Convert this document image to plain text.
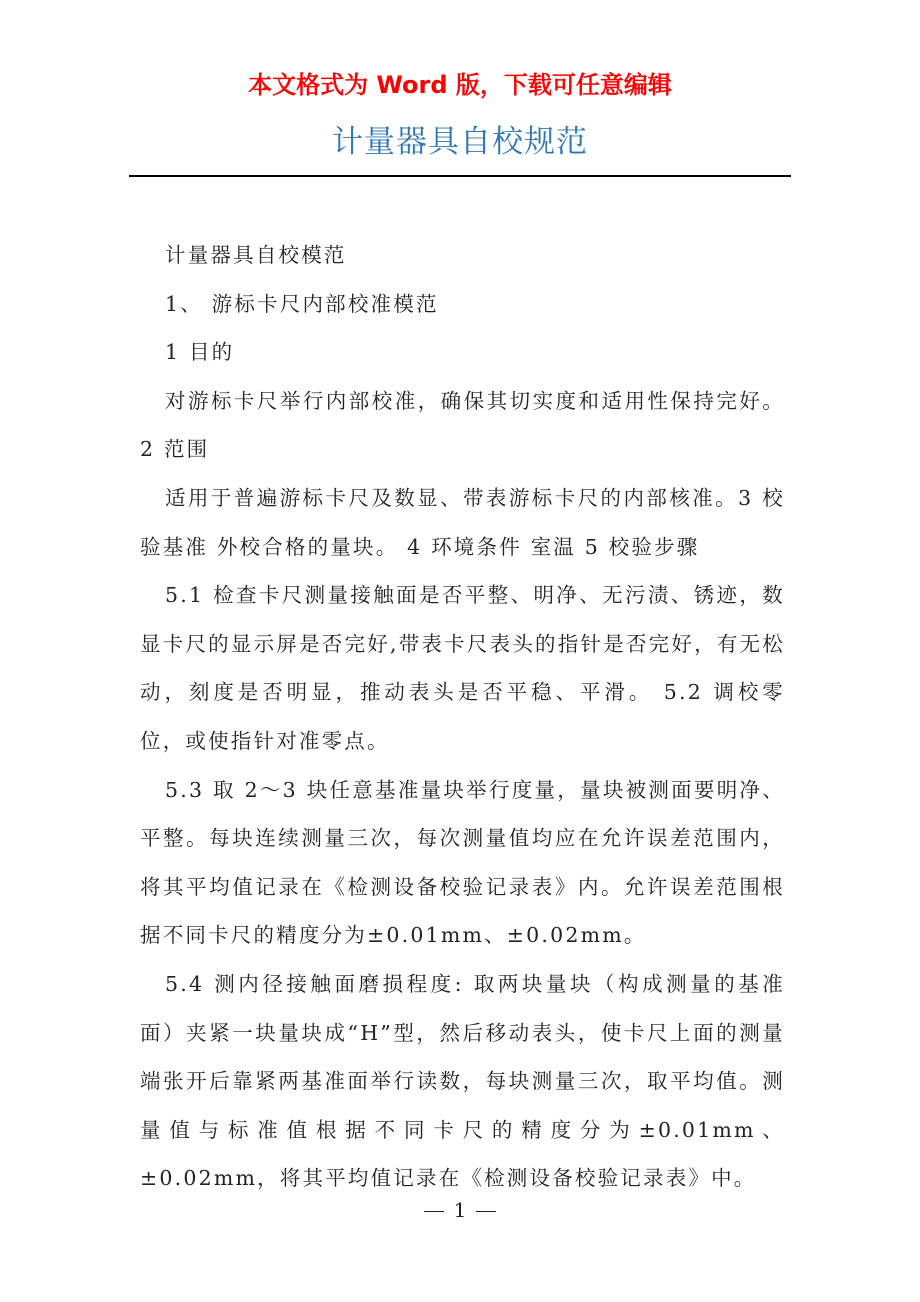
本文格式为 Word 版，下载可任意编辑
计量器具自校规范

计量器具自校模范

1、 游标卡尺内部校准模范

1 目的

对游标卡尺举行内部校准，确保其切实度和适用性保持完好。 2 范围

适用于普遍游标卡尺及数显、带表游标卡尺的内部核准。3 校验基准 外校合格的量块。 4 环境条件 室温 5 校验步骤

5.1 检查卡尺测量接触面是否平整、明净、无污渍、锈迹，数显卡尺的显示屏是否完好,带表卡尺表头的指针是否完好，有无松动，刻度是否明显，推动表头是否平稳、平滑。 5.2 调校零位，或使指针对准零点。

5.3 取 2～3 块任意基准量块举行度量，量块被测面要明净、平整。每块连续测量三次，每次测量值均应在允许误差范围内，将其平均值记录在《检测设备校验记录表》内。允许误差范围根据不同卡尺的精度分为±0.01mm、±0.02mm。

5.4 测内径接触面磨损程度: 取两块量块（构成测量的基准面）夹紧一块量块成“H”型，然后移动表头，使卡尺上面的测量端张开后靠紧两基准面举行读数，每块测量三次，取平均值。测量值与标准值根据不同卡尺的精度分为±0.01mm、±0.02mm，将其平均值记录在《检测设备校验记录表》中。

1
